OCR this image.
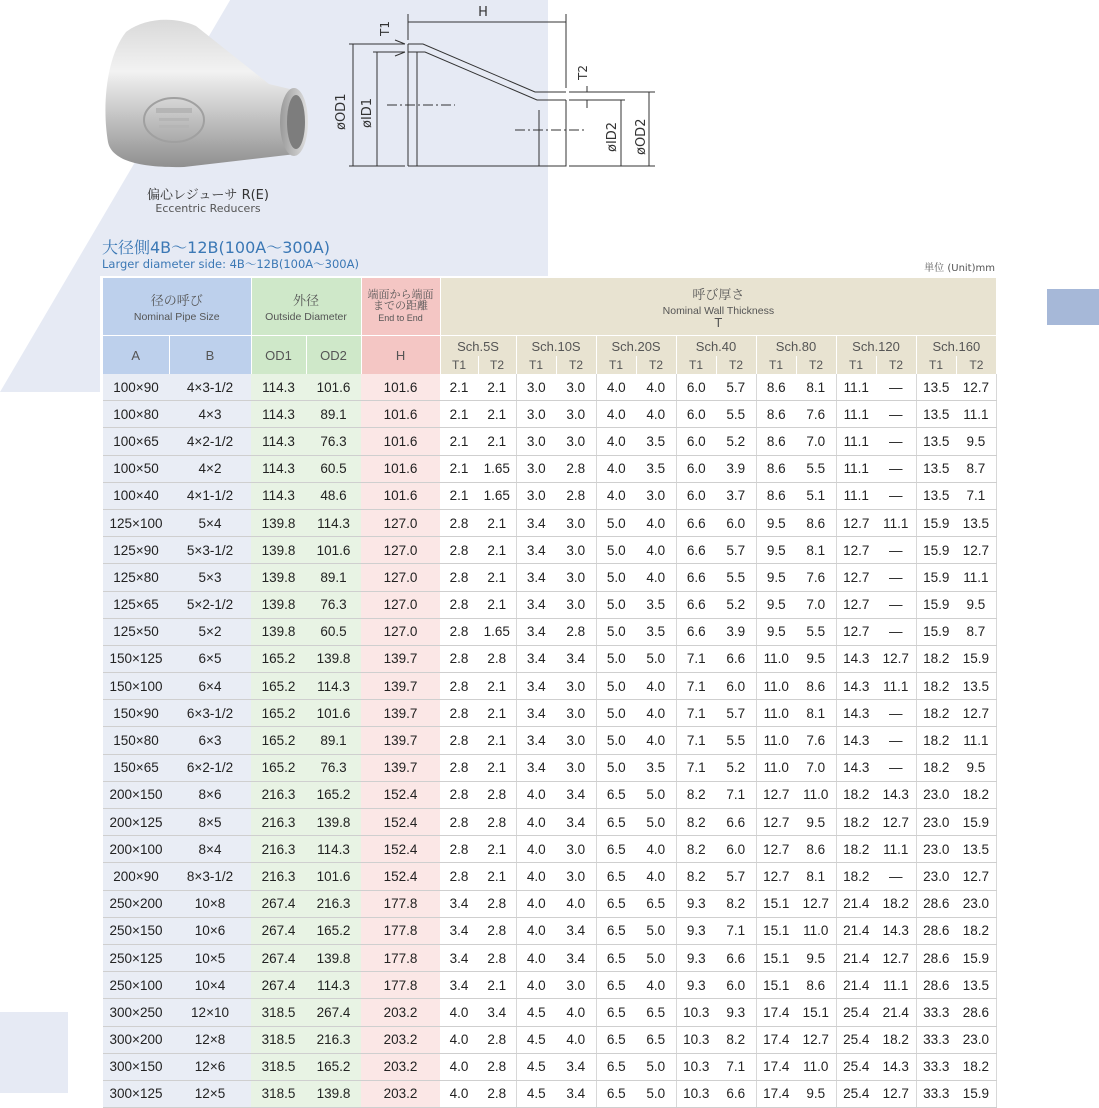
H
T1
T2
øOD1 øID1
øID2 øOD2
偏心レジューサ R(E)
Eccentric Reducers
大径側4B～12B(100A～300A)
Larger diameter side: 4B～12B(100A～300A)	単位 (Unit)mm
径の呼び
Nominal Pipe Size		外径
Outside Diameter		端面から端面
までの距離
End to End	呼び厚さ
Nominal Wall Thickness
T													

A	B	OD1	OD2	H	Sch.5S		Sch.10S		Sch.20S		Sch.40		Sch.80		Sch.120		Sch.160	
					T1	T2	T1	T2	T1	T2	T1	T2	T1	T2	T1	T2	T1	T2
100×90	4×3-1/2	114.3	101.6	101.6	2.1	2.1	3.0	3.0	4.0	4.0	6.0	5.7	8.6	8.1	11.1	—	13.5	12.7
100×80	4×3	114.3	89.1	101.6	2.1	2.1	3.0	3.0	4.0	4.0	6.0	5.5	8.6	7.6	11.1	—	13.5	11.1
100×65	4×2-1/2	114.3	76.3	101.6	2.1	2.1	3.0	3.0	4.0	3.5	6.0	5.2	8.6	7.0	11.1	—	13.5	9.5
100×50	4×2	114.3	60.5	101.6	2.1	1.65	3.0	2.8	4.0	3.5	6.0	3.9	8.6	5.5	11.1	—	13.5	8.7
100×40	4×1-1/2	114.3	48.6	101.6	2.1	1.65	3.0	2.8	4.0	3.0	6.0	3.7	8.6	5.1	11.1	—	13.5	7.1
125×100	5×4	139.8	114.3	127.0	2.8	2.1	3.4	3.0	5.0	4.0	6.6	6.0	9.5	8.6	12.7	11.1	15.9	13.5
125×90	5×3-1/2	139.8	101.6	127.0	2.8	2.1	3.4	3.0	5.0	4.0	6.6	5.7	9.5	8.1	12.7	—	15.9	12.7
125×80	5×3	139.8	89.1	127.0	2.8	2.1	3.4	3.0	5.0	4.0	6.6	5.5	9.5	7.6	12.7	—	15.9	11.1
125×65	5×2-1/2	139.8	76.3	127.0	2.8	2.1	3.4	3.0	5.0	3.5	6.6	5.2	9.5	7.0	12.7	—	15.9	9.5
125×50	5×2	139.8	60.5	127.0	2.8	1.65	3.4	2.8	5.0	3.5	6.6	3.9	9.5	5.5	12.7	—	15.9	8.7
150×125	6×5	165.2	139.8	139.7	2.8	2.8	3.4	3.4	5.0	5.0	7.1	6.6	11.0	9.5	14.3	12.7	18.2	15.9
150×100	6×4	165.2	114.3	139.7	2.8	2.1	3.4	3.0	5.0	4.0	7.1	6.0	11.0	8.6	14.3	11.1	18.2	13.5
150×90	6×3-1/2	165.2	101.6	139.7	2.8	2.1	3.4	3.0	5.0	4.0	7.1	5.7	11.0	8.1	14.3	—	18.2	12.7
150×80	6×3	165.2	89.1	139.7	2.8	2.1	3.4	3.0	5.0	4.0	7.1	5.5	11.0	7.6	14.3	—	18.2	11.1
150×65	6×2-1/2	165.2	76.3	139.7	2.8	2.1	3.4	3.0	5.0	3.5	7.1	5.2	11.0	7.0	14.3	—	18.2	9.5
200×150	8×6	216.3	165.2	152.4	2.8	2.8	4.0	3.4	6.5	5.0	8.2	7.1	12.7	11.0	18.2	14.3	23.0	18.2
200×125	8×5	216.3	139.8	152.4	2.8	2.8	4.0	3.4	6.5	5.0	8.2	6.6	12.7	9.5	18.2	12.7	23.0	15.9
200×100	8×4	216.3	114.3	152.4	2.8	2.1	4.0	3.0	6.5	4.0	8.2	6.0	12.7	8.6	18.2	11.1	23.0	13.5
200×90	8×3-1/2	216.3	101.6	152.4	2.8	2.1	4.0	3.0	6.5	4.0	8.2	5.7	12.7	8.1	18.2	—	23.0	12.7
250×200	10×8	267.4	216.3	177.8	3.4	2.8	4.0	4.0	6.5	6.5	9.3	8.2	15.1	12.7	21.4	18.2	28.6	23.0
250×150	10×6	267.4	165.2	177.8	3.4	2.8	4.0	3.4	6.5	5.0	9.3	7.1	15.1	11.0	21.4	14.3	28.6	18.2
250×125	10×5	267.4	139.8	177.8	3.4	2.8	4.0	3.4	6.5	5.0	9.3	6.6	15.1	9.5	21.4	12.7	28.6	15.9
250×100	10×4	267.4	114.3	177.8	3.4	2.1	4.0	3.0	6.5	4.0	9.3	6.0	15.1	8.6	21.4	11.1	28.6	13.5
300×250	12×10	318.5	267.4	203.2	4.0	3.4	4.5	4.0	6.5	6.5	10.3	9.3	17.4	15.1	25.4	21.4	33.3	28.6
300×200	12×8	318.5	216.3	203.2	4.0	2.8	4.5	4.0	6.5	6.5	10.3	8.2	17.4	12.7	25.4	18.2	33.3	23.0
300×150	12×6	318.5	165.2	203.2	4.0	2.8	4.5	3.4	6.5	5.0	10.3	7.1	17.4	11.0	25.4	14.3	33.3	18.2
300×125	12×5	318.5	139.8	203.2	4.0	2.8	4.5	3.4	6.5	5.0	10.3	6.6	17.4	9.5	25.4	12.7	33.3	15.9
